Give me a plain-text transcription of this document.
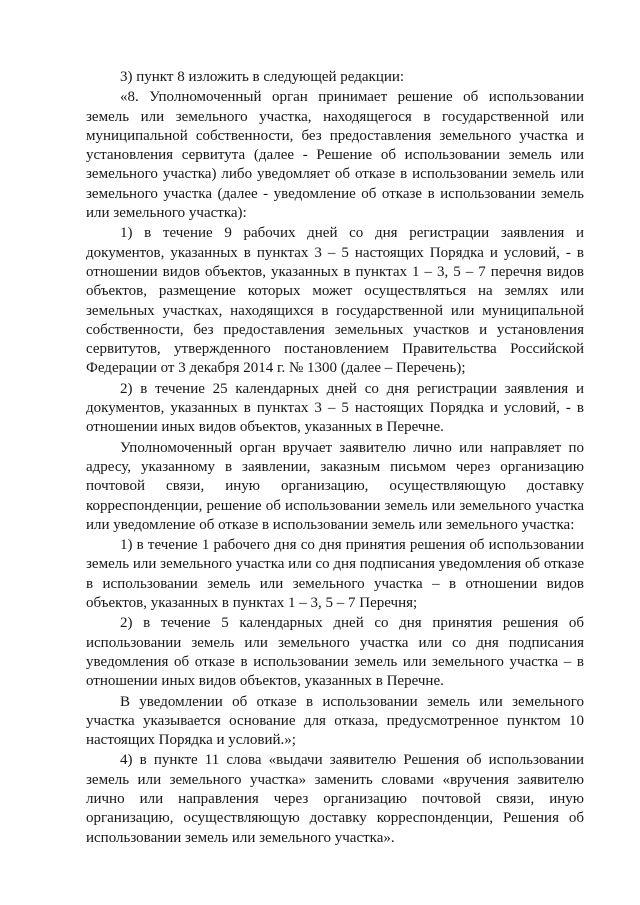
3) пункт 8 изложить в следующей редакции:

«8. Уполномоченный орган принимает решение об использовании земель или земельного участка, находящегося в государственной или муниципальной собственности, без предоставления земельного участка и установления сервитута (далее - Решение об использовании земель или земельного участка) либо уведомляет об отказе в использовании земель или земельного участка (далее - уведомление об отказе в использовании земель или земельного участка):

1) в течение 9 рабочих дней со дня регистрации заявления и документов, указанных в пунктах 3 – 5 настоящих Порядка и условий, - в отношении видов объектов, указанных в пунктах 1 – 3, 5 – 7 перечня видов объектов, размещение которых может осуществляться на землях или земельных участках, находящихся в государственной или муниципальной собственности, без предоставления земельных участков и установления сервитутов, утвержденного постановлением Правительства Российской Федерации от 3 декабря 2014 г. № 1300 (далее – Перечень);

2) в течение 25 календарных дней со дня регистрации заявления и документов, указанных в пунктах 3 – 5 настоящих Порядка и условий, - в отношении иных видов объектов, указанных в Перечне.

Уполномоченный орган вручает заявителю лично или направляет по адресу, указанному в заявлении, заказным письмом через организацию почтовой связи, иную организацию, осуществляющую доставку корреспонденции, решение об использовании земель или земельного участка или уведомление об отказе в использовании земель или земельного участка:

1) в течение 1 рабочего дня со дня принятия решения об использовании земель или земельного участка или со дня подписания уведомления об отказе в использовании земель или земельного участка – в отношении видов объектов, указанных в пунктах 1 – 3, 5 – 7 Перечня;

2) в течение 5 календарных дней со дня принятия решения об использовании земель или земельного участка или со дня подписания уведомления об отказе в использовании земель или земельного участка – в отношении иных видов объектов, указанных в Перечне.

В уведомлении об отказе в использовании земель или земельного участка указывается основание для отказа, предусмотренное пунктом 10 настоящих Порядка и условий.»;

4) в пункте 11 слова «выдачи заявителю Решения об использовании земель или земельного участка» заменить словами «вручения заявителю лично или направления через организацию почтовой связи, иную организацию, осуществляющую доставку корреспонденции, Решения об использовании земель или земельного участка».
